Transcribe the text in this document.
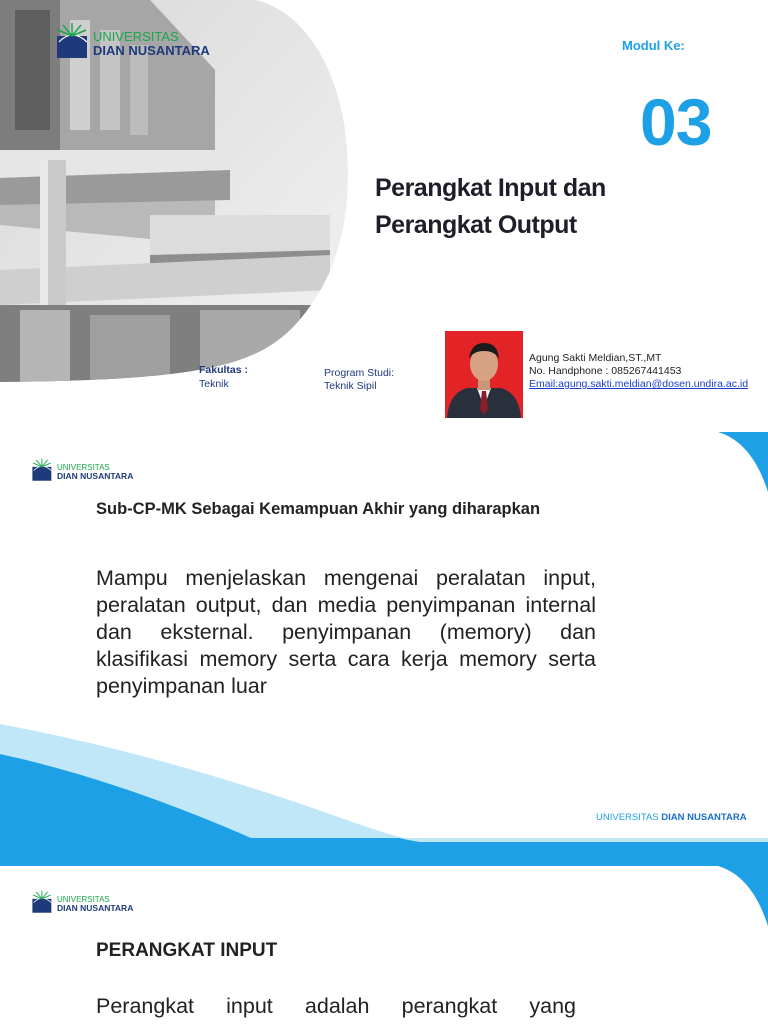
UNIVERSITAS
DIAN NUSANTARA	Modul Ke:
03
Perangkat Input dan
Perangkat Output
Fakultas :
Teknik
Program Studi:
Teknik Sipil
Agung Sakti Meldian,ST.,MT
No. Handphone : 085267441453
Email:agung.sakti.meldian@dosen.undira.ac.id
UNIVERSITAS
DIAN NUSANTARA
Sub-CP-MK Sebagai Kemampuan Akhir yang diharapkan
Mampu menjelaskan mengenai peralatan input, peralatan output, dan media penyimpanan internal dan eksternal. penyimpanan (memory) dan klasifikasi memory serta cara kerja memory serta penyimpanan luar
UNIVERSITAS DIAN NUSANTARA
UNIVERSITAS
DIAN NUSANTARA
PERANGKAT INPUT
Perangkat input adalah perangkat yang
